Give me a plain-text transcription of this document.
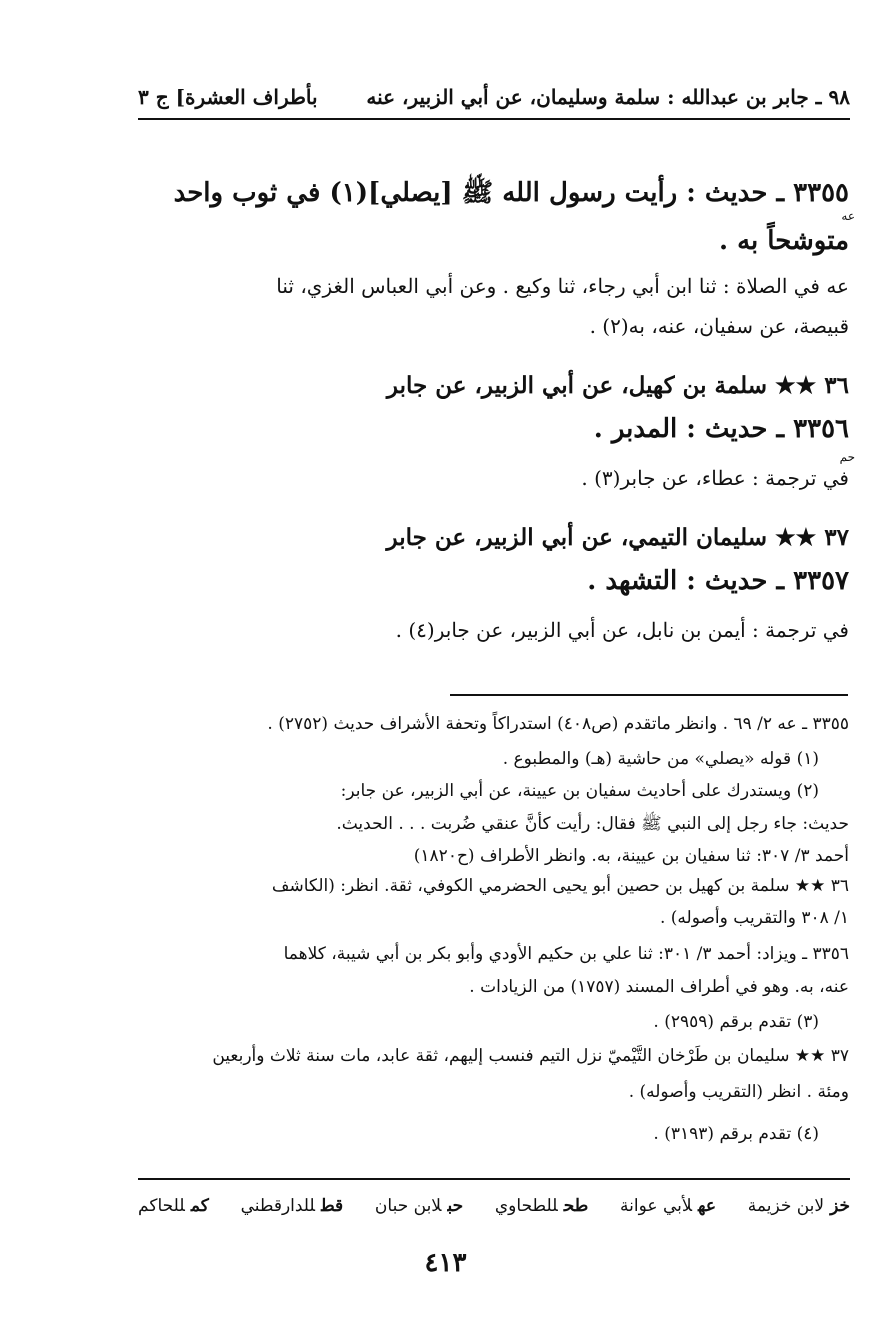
٩٨ ـ جابر بن عبدالله : سلمة وسليمان، عن أبي الزبير، عنه
بأطراف العشرة] ج ٣
٣٣٥٥ ـ حديث : رأيت رسول الله ﷺ [يصلي](١) في ثوب واحد
عه
متوشحاً به .
عه في الصلاة : ثنا ابن أبي رجاء، ثنا وكيع . وعن أبي العباس الغزي، ثنا
قبيصة، عن سفيان، عنه، به(٢) .
٣٦ ★★ سلمة بن كهيل، عن أبي الزبير، عن جابر
٣٣٥٦ ـ حديث : المدبر .
حم
في ترجمة : عطاء، عن جابر(٣) .
٣٧ ★★ سليمان التيمي، عن أبي الزبير، عن جابر
٣٣٥٧ ـ حديث : التشهد .
في ترجمة : أيمن بن نابل، عن أبي الزبير، عن جابر(٤) .
٣٣٥٥ ـ عه ٢/ ٦٩ . وانظر ماتقدم (ص٤٠٨) استدراكاً وتحفة الأشراف حديث (٢٧٥٢) .
(١) قوله «يصلي» من حاشية (هـ) والمطبوع .
(٢) ويستدرك على أحاديث سفيان بن عيينة، عن أبي الزبير، عن جابر:
حديث: جاء رجل إلى النبي ﷺ فقال: رأيت كأنَّ عنقي ضُربت . . . الحديث.
أحمد ٣/ ٣٠٧: ثنا سفيان بن عيينة، به. وانظر الأطراف (ح١٨٢٠)
٣٦ ★★ سلمة بن كهيل بن حصين أبو يحيى الحضرمي الكوفي، ثقة. انظر: (الكاشف
١/ ٣٠٨ والتقريب وأصوله) .
٣٣٥٦ ـ ويزاد: أحمد ٣/ ٣٠١: ثنا علي بن حكيم الأودي وأبو بكر بن أبي شيبة، كلاهما
عنه، به. وهو في أطراف المسند (١٧٥٧) من الزيادات .
(٣) تقدم برقم (٢٩٥٩) .
٣٧ ★★ سليمان بن طَرْخان التَّيْميّ نزل التيم فنسب إليهم، ثقة عابد، مات سنة ثلاث وأربعين
ومئة . انظر (التقريب وأصوله) .
(٤) تقدم برقم (٣١٩٣) .
خزلابن خزيمة
عهلأبي عوانة
طحللطحاوي
حبلابن حبان
قطللدارقطني
كمللحاكم
٤١٣
